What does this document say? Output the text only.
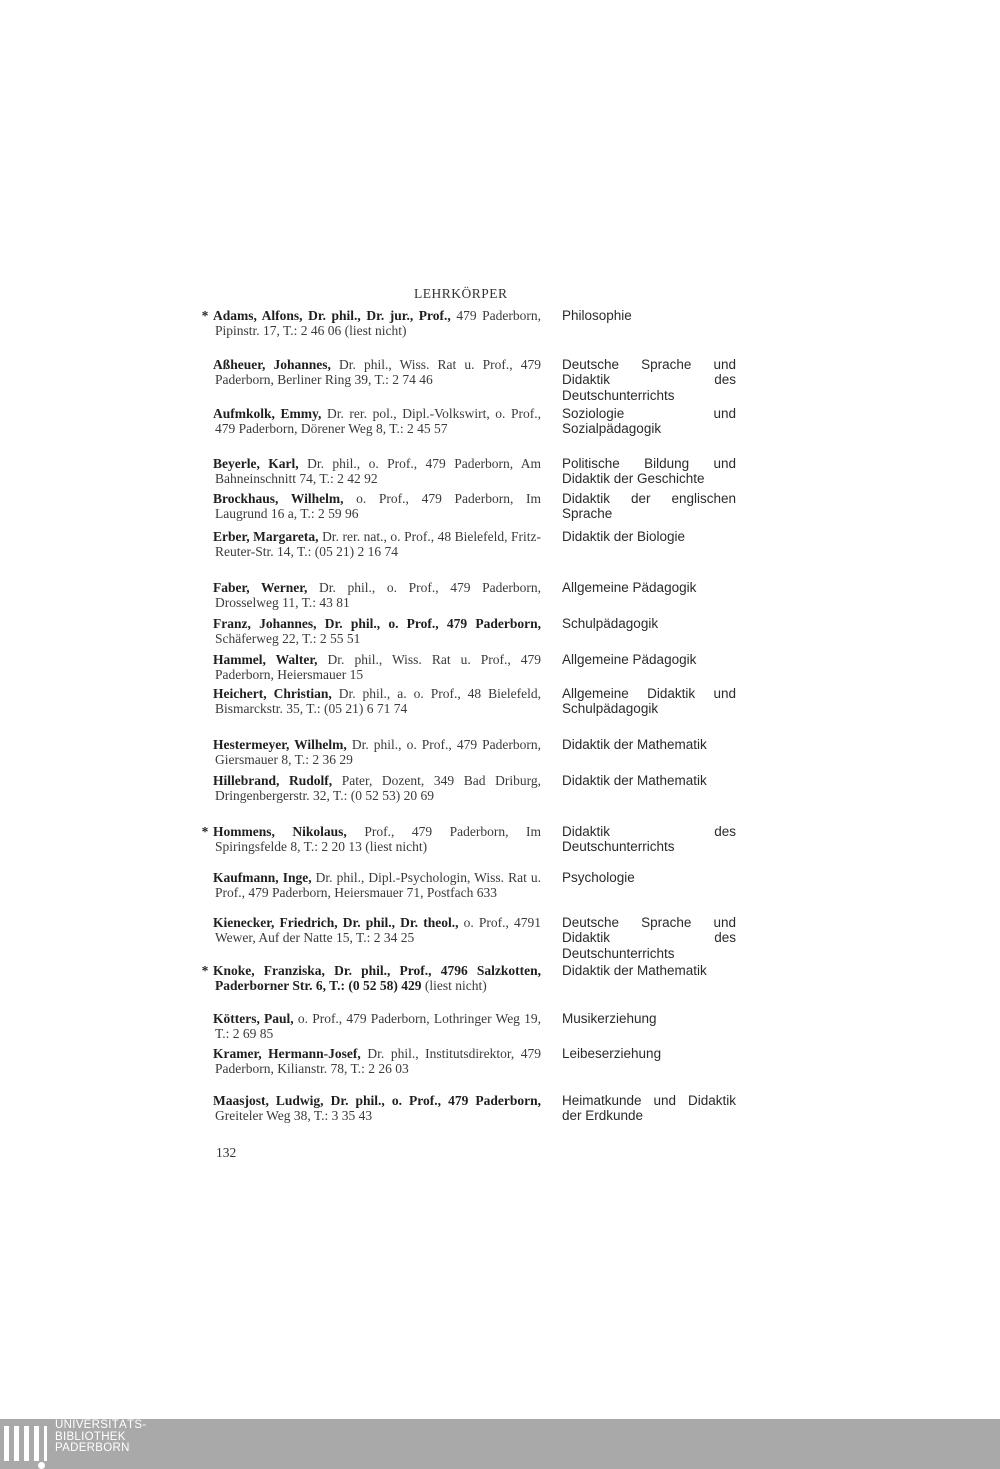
LEHRKÖRPER
* Adams, Alfons, Dr. phil., Dr. jur., Prof., 479 Paderborn, Pipinstr. 17, T.: 2 46 06 (liest nicht)
Philosophie
Aßheuer, Johannes, Dr. phil., Wiss. Rat u. Prof., 479 Paderborn, Berliner Ring 39, T.: 2 74 46
Deutsche Sprache und Didaktik des Deutschunterrichts
Aufmkolk, Emmy, Dr. rer. pol., Dipl.-Volkswirt, o. Prof., 479 Paderborn, Dörener Weg 8, T.: 2 45 57
Soziologie und Sozialpädagogik
Beyerle, Karl, Dr. phil., o. Prof., 479 Paderborn, Am Bahneinschnitt 74, T.: 2 42 92
Politische Bildung und Didaktik der Geschichte
Brockhaus, Wilhelm, o. Prof., 479 Paderborn, Im Laugrund 16 a, T.: 2 59 96
Didaktik der englischen Sprache
Erber, Margareta, Dr. rer. nat., o. Prof., 48 Bielefeld, Fritz-Reuter-Str. 14, T.: (05 21) 2 16 74
Didaktik der Biologie
Faber, Werner, Dr. phil., o. Prof., 479 Paderborn, Drosselweg 11, T.: 43 81
Allgemeine Pädagogik
Franz, Johannes, Dr. phil., o. Prof., 479 Paderborn, Schäferweg 22, T.: 2 55 51
Schulpädagogik
Hammel, Walter, Dr. phil., Wiss. Rat u. Prof., 479 Paderborn, Heiersmauer 15
Allgemeine Pädagogik
Heichert, Christian, Dr. phil., a. o. Prof., 48 Bielefeld, Bismarckstr. 35, T.: (05 21) 6 71 74
Allgemeine Didaktik und Schulpädagogik
Hestermeyer, Wilhelm, Dr. phil., o. Prof., 479 Paderborn, Giersmauer 8, T.: 2 36 29
Didaktik der Mathematik
Hillebrand, Rudolf, Pater, Dozent, 349 Bad Driburg, Dringenbergerstr. 32, T.: (0 52 53) 20 69
Didaktik der Mathematik
* Hommens, Nikolaus, Prof., 479 Paderborn, Im Spiringsfelde 8, T.: 2 20 13 (liest nicht)
Didaktik des Deutschunterrichts
Kaufmann, Inge, Dr. phil., Dipl.-Psychologin, Wiss. Rat u. Prof., 479 Paderborn, Heiersmauer 71, Postfach 633
Psychologie
Kienecker, Friedrich, Dr. phil., Dr. theol., o. Prof., 4791 Wewer, Auf der Natte 15, T.: 2 34 25
Deutsche Sprache und Didaktik des Deutschunterrichts
* Knoke, Franziska, Dr. phil., Prof., 4796 Salzkotten, Paderborner Str. 6, T.: (0 52 58) 429 (liest nicht)
Didaktik der Mathematik
Kötters, Paul, o. Prof., 479 Paderborn, Lothringer Weg 19, T.: 2 69 85
Musikerziehung
Kramer, Hermann-Josef, Dr. phil., Institutsdirektor, 479 Paderborn, Kilianstr. 78, T.: 2 26 03
Leibeserziehung
Maasjost, Ludwig, Dr. phil., o. Prof., 479 Paderborn, Greiteler Weg 38, T.: 3 35 43
Heimatkunde und Didaktik der Erdkunde
132
UNIVERSITÄTS-
BIBLIOTHEK
PADERBORN
